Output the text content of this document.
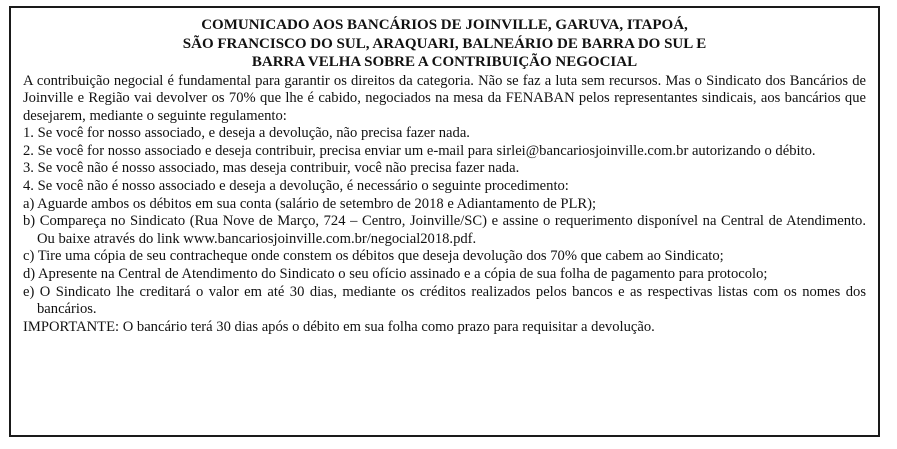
COMUNICADO AOS BANCÁRIOS DE JOINVILLE, GARUVA, ITAPOÁ,
SÃO FRANCISCO DO SUL, ARAQUARI, BALNEÁRIO DE BARRA DO SUL E
BARRA VELHA SOBRE A CONTRIBUIÇÃO NEGOCIAL

A contribuição negocial é fundamental para garantir os direitos da categoria. Não se faz a luta sem recursos. Mas o Sindicato dos Bancários de Joinville e Região vai devolver os 70% que lhe é cabido, negociados na mesa da FENABAN pelos representantes sindicais, aos bancários que desejarem, mediante o seguinte regulamento:

1. Se você for nosso associado, e deseja a devolução, não precisa fazer nada.

2. Se você for nosso associado e deseja contribuir, precisa enviar um e-mail para sirlei@bancariosjoinville.com.br autorizando o débito.

3. Se você não é nosso associado, mas deseja contribuir, você não precisa fazer nada.

4. Se você não é nosso associado e deseja a devolução, é necessário o seguinte procedimento:

a) Aguarde ambos os débitos em sua conta (salário de setembro de 2018 e Adiantamento de PLR);

b) Compareça no Sindicato (Rua Nove de Março, 724 – Centro, Joinville/SC) e assine o requerimento disponível na Central de Atendimento. Ou baixe através do link www.bancariosjoinville.com.br/negocial2018.pdf.

c) Tire uma cópia de seu contracheque onde constem os débitos que deseja devolução dos 70% que cabem ao Sindicato;

d) Apresente na Central de Atendimento do Sindicato o seu ofício assinado e a cópia de sua folha de pagamento para protocolo;

e) O Sindicato lhe creditará o valor em até 30 dias, mediante os créditos realizados pelos bancos e as respectivas listas com os nomes dos bancários.

IMPORTANTE: O bancário terá 30 dias após o débito em sua folha como prazo para requisitar a devolução.
